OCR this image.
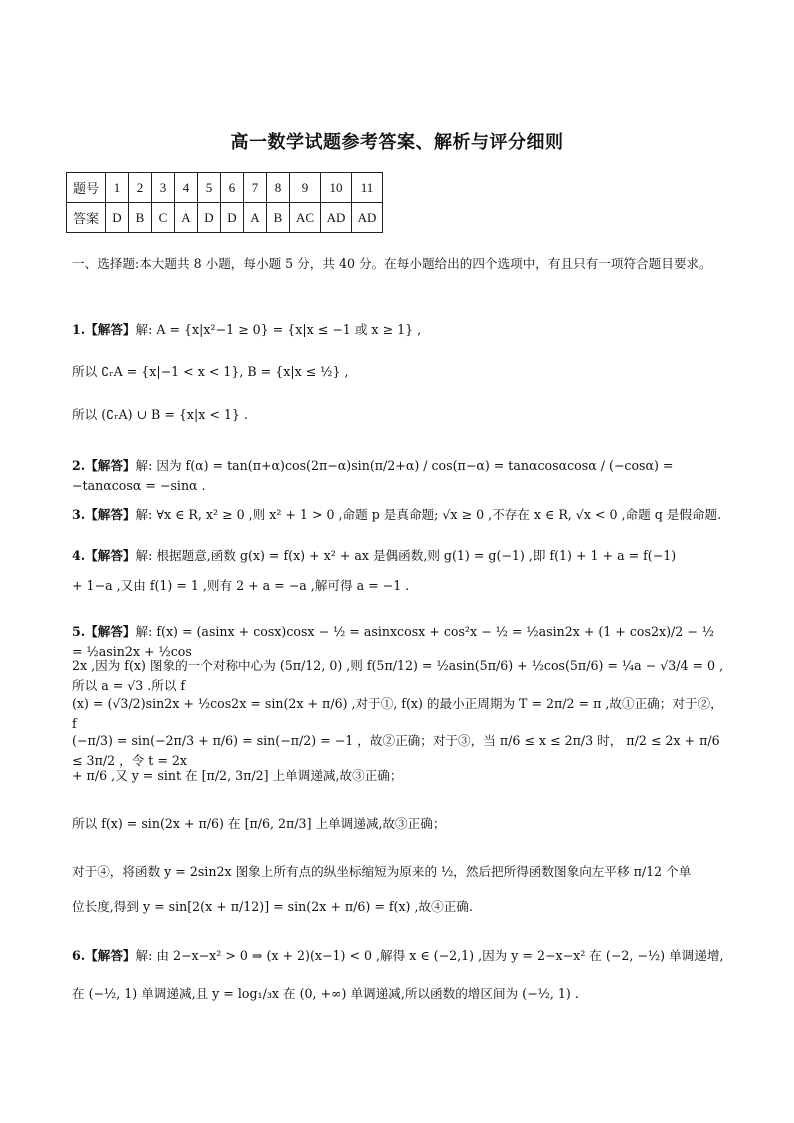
高一数学试题参考答案、解析与评分细则
题号	1	2	3	4	5	6	7	8	9	10	11
答案	D	B	C	A	D	D	A	B	AC	AD	AD
一、选择题:本大题共 8 小题，每小题 5 分，共 40 分。在每小题给出的四个选项中，有且只有一项符合题目要求。
1.【解答】解: A = {x|x²−1 ≥ 0} = {x|x ≤ −1 或 x ≥ 1} ,
所以 ∁ᵣA = {x|−1 < x < 1}, B = {x|x ≤ ½} ,
所以 (∁ᵣA) ∪ B = {x|x < 1} .
2.【解答】解: 因为 f(α) = tan(π+α)cos(2π−α)sin(π/2+α) / cos(π−α) = tanαcosαcosα / (−cosα) = −tanαcosα = −sinα .
3.【解答】解: ∀x ∈ R, x² ≥ 0 ,则 x² + 1 > 0 ,命题 p 是真命题; √x ≥ 0 ,不存在 x ∈ R, √x < 0 ,命题 q 是假命题.
4.【解答】解: 根据题意,函数 g(x) = f(x) + x² + ax 是偶函数,则 g(1) = g(−1) ,即 f(1) + 1 + a = f(−1)
+ 1−a ,又由 f(1) = 1 ,则有 2 + a = −a ,解可得 a = −1 .
5.【解答】解: f(x) = (asinx + cosx)cosx − ½ = asinxcosx + cos²x − ½ = ½asin2x + (1 + cos2x)/2 − ½ = ½asin2x + ½cos
2x ,因为 f(x) 图象的一个对称中心为 (5π/12, 0) ,则 f(5π/12) = ½asin(5π/6) + ½cos(5π/6) = ¼a − √3/4 = 0 ,所以 a = √3 .所以 f
(x) = (√3/2)sin2x + ½cos2x = sin(2x + π/6) ,对于①, f(x) 的最小正周期为 T = 2π/2 = π ,故①正确；对于②， f
(−π/3) = sin(−2π/3 + π/6) = sin(−π/2) = −1 ，故②正确；对于③，当 π/6 ≤ x ≤ 2π/3 时， π/2 ≤ 2x + π/6 ≤ 3π/2 ，令 t = 2x
+ π/6 ,又 y = sint 在 [π/2, 3π/2] 上单调递减,故③正确；
所以 f(x) = sin(2x + π/6) 在 [π/6, 2π/3] 上单调递减,故③正确；
对于④，将函数 y = 2sin2x 图象上所有点的纵坐标缩短为原来的 ½，然后把所得函数图象向左平移 π/12 个单
位长度,得到 y = sin[2(x + π/12)] = sin(2x + π/6) = f(x) ,故④正确.
6.【解答】解: 由 2−x−x² > 0 ⇒ (x + 2)(x−1) < 0 ,解得 x ∈ (−2,1) ,因为 y = 2−x−x² 在 (−2, −½) 单调递增,
在 (−½, 1) 单调递减,且 y = log₁/₃x 在 (0, +∞) 单调递减,所以函数的增区间为 (−½, 1) .
